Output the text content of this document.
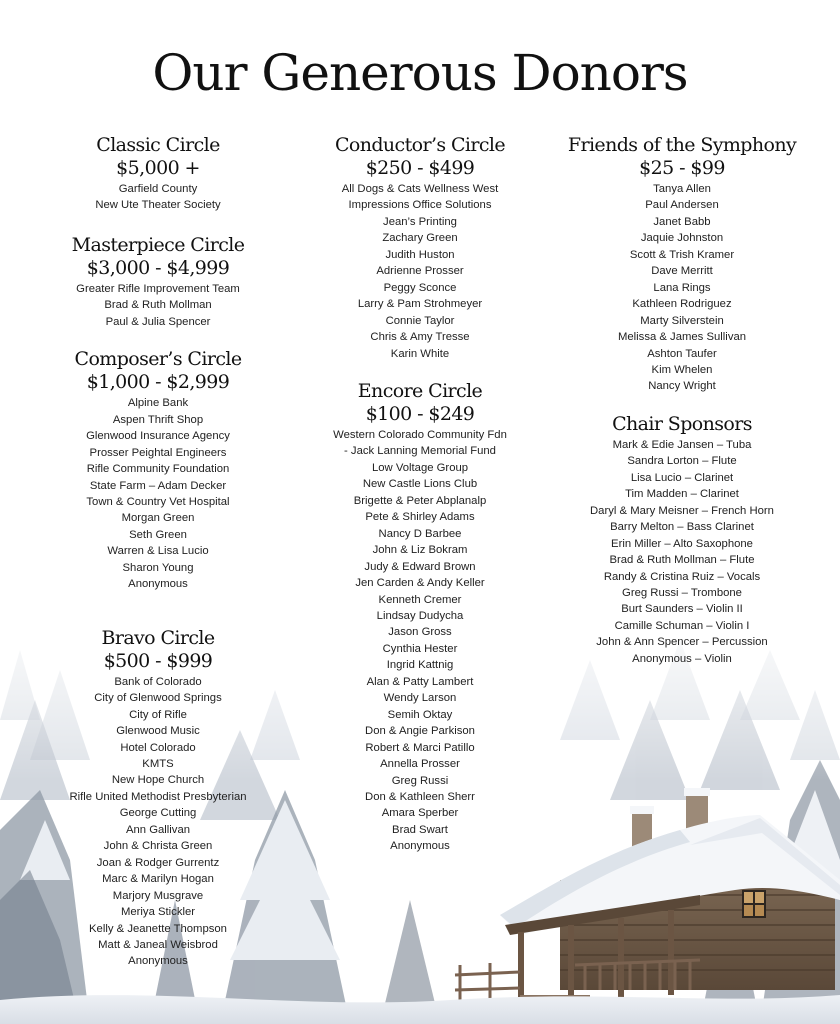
Our Generous Donors
Classic Circle
$5,000 +
Garfield County
New Ute Theater Society
Masterpiece Circle
$3,000 - $4,999
Greater Rifle Improvement Team
Brad & Ruth Mollman
Paul & Julia Spencer
Composer’s Circle
$1,000 - $2,999
Alpine Bank
Aspen Thrift Shop
Glenwood Insurance Agency
Prosser Peightal Engineers
Rifle Community Foundation
State Farm – Adam Decker
Town & Country Vet Hospital
Morgan Green
Seth Green
Warren & Lisa Lucio
Sharon Young
Anonymous
Bravo Circle
$500 - $999
Bank of Colorado
City of Glenwood Springs
City of Rifle
Glenwood Music
Hotel Colorado
KMTS
New Hope Church
Rifle United Methodist Presbyterian
George Cutting
Ann Gallivan
John & Christa Green
Joan & Rodger Gurrentz
Marc & Marilyn Hogan
Marjory Musgrave
Meriya Stickler
Kelly & Jeanette Thompson
Matt & Janeal Weisbrod
Anonymous
Conductor’s Circle
$250 - $499
All Dogs & Cats Wellness West
Impressions Office Solutions
Jean’s Printing
Zachary Green
Judith Huston
Adrienne Prosser
Peggy Sconce
Larry & Pam Strohmeyer
Connie Taylor
Chris & Amy Tresse
Karin White
Encore Circle
$100 - $249
Western Colorado Community Fdn
- Jack Lanning Memorial Fund
Low Voltage Group
New Castle Lions Club
Brigette & Peter Abplanalp
Pete & Shirley Adams
Nancy D Barbee
John & Liz Bokram
Judy & Edward Brown
Jen Carden & Andy Keller
Kenneth Cremer
Lindsay Dudycha
Jason Gross
Cynthia Hester
Ingrid Kattnig
Alan & Patty Lambert
Wendy Larson
Semih Oktay
Don & Angie Parkison
Robert & Marci Patillo
Annella Prosser
Greg Russi
Don & Kathleen Sherr
Amara Sperber
Brad Swart
Anonymous
Friends of the Symphony
$25 - $99
Tanya Allen
Paul Andersen
Janet Babb
Jaquie Johnston
Scott & Trish Kramer
Dave Merritt
Lana Rings
Kathleen Rodriguez
Marty Silverstein
Melissa & James Sullivan
Ashton Taufer
Kim Whelen
Nancy Wright
Chair Sponsors
Mark & Edie Jansen – Tuba
Sandra Lorton – Flute
Lisa Lucio – Clarinet
Tim Madden – Clarinet
Daryl & Mary Meisner – French Horn
Barry Melton – Bass Clarinet
Erin Miller – Alto Saxophone
Brad & Ruth Mollman – Flute
Randy & Cristina Ruiz – Vocals
Greg Russi – Trombone
Burt Saunders – Violin II
Camille Schuman – Violin I
John & Ann Spencer – Percussion
Anonymous – Violin
